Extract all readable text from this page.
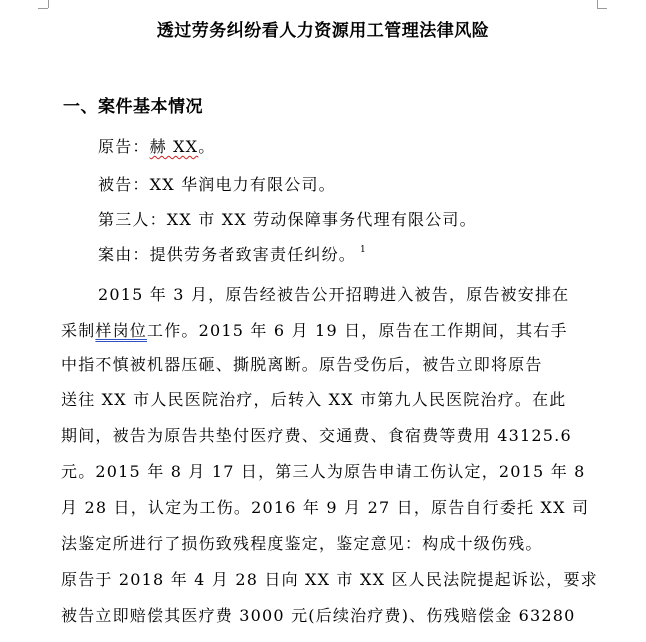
透过劳务纠纷看人力资源用工管理法律风险
一、案件基本情况
原告：赫 XX。
被告：XX 华润电力有限公司。
第三人：XX 市 XX 劳动保障事务代理有限公司。
案由：提供劳务者致害责任纠纷。 $^1$
2015 年 3 月，原告经被告公开招聘进入被告，原告被安排在
采制样岗位工作。2015 年 6 月 19 日，原告在工作期间，其右手
中指不慎被机器压砸、撕脱离断。原告受伤后，被告立即将原告
送往 XX 市人民医院治疗，后转入 XX 市第九人民医院治疗。在此
期间，被告为原告共垫付医疗费、交通费、食宿费等费用 43125.6
元。2015 年 8 月 17 日，第三人为原告申请工伤认定，2015 年 8
月 28 日，认定为工伤。2016 年 9 月 27 日，原告自行委托 XX 司
法鉴定所进行了损伤致残程度鉴定，鉴定意见：构成十级伤残。
原告于 2018 年 4 月 28 日向 XX 市 XX 区人民法院提起诉讼，要求
被告立即赔偿其医疗费 3000 元(后续治疗费)、伤残赔偿金 63280
